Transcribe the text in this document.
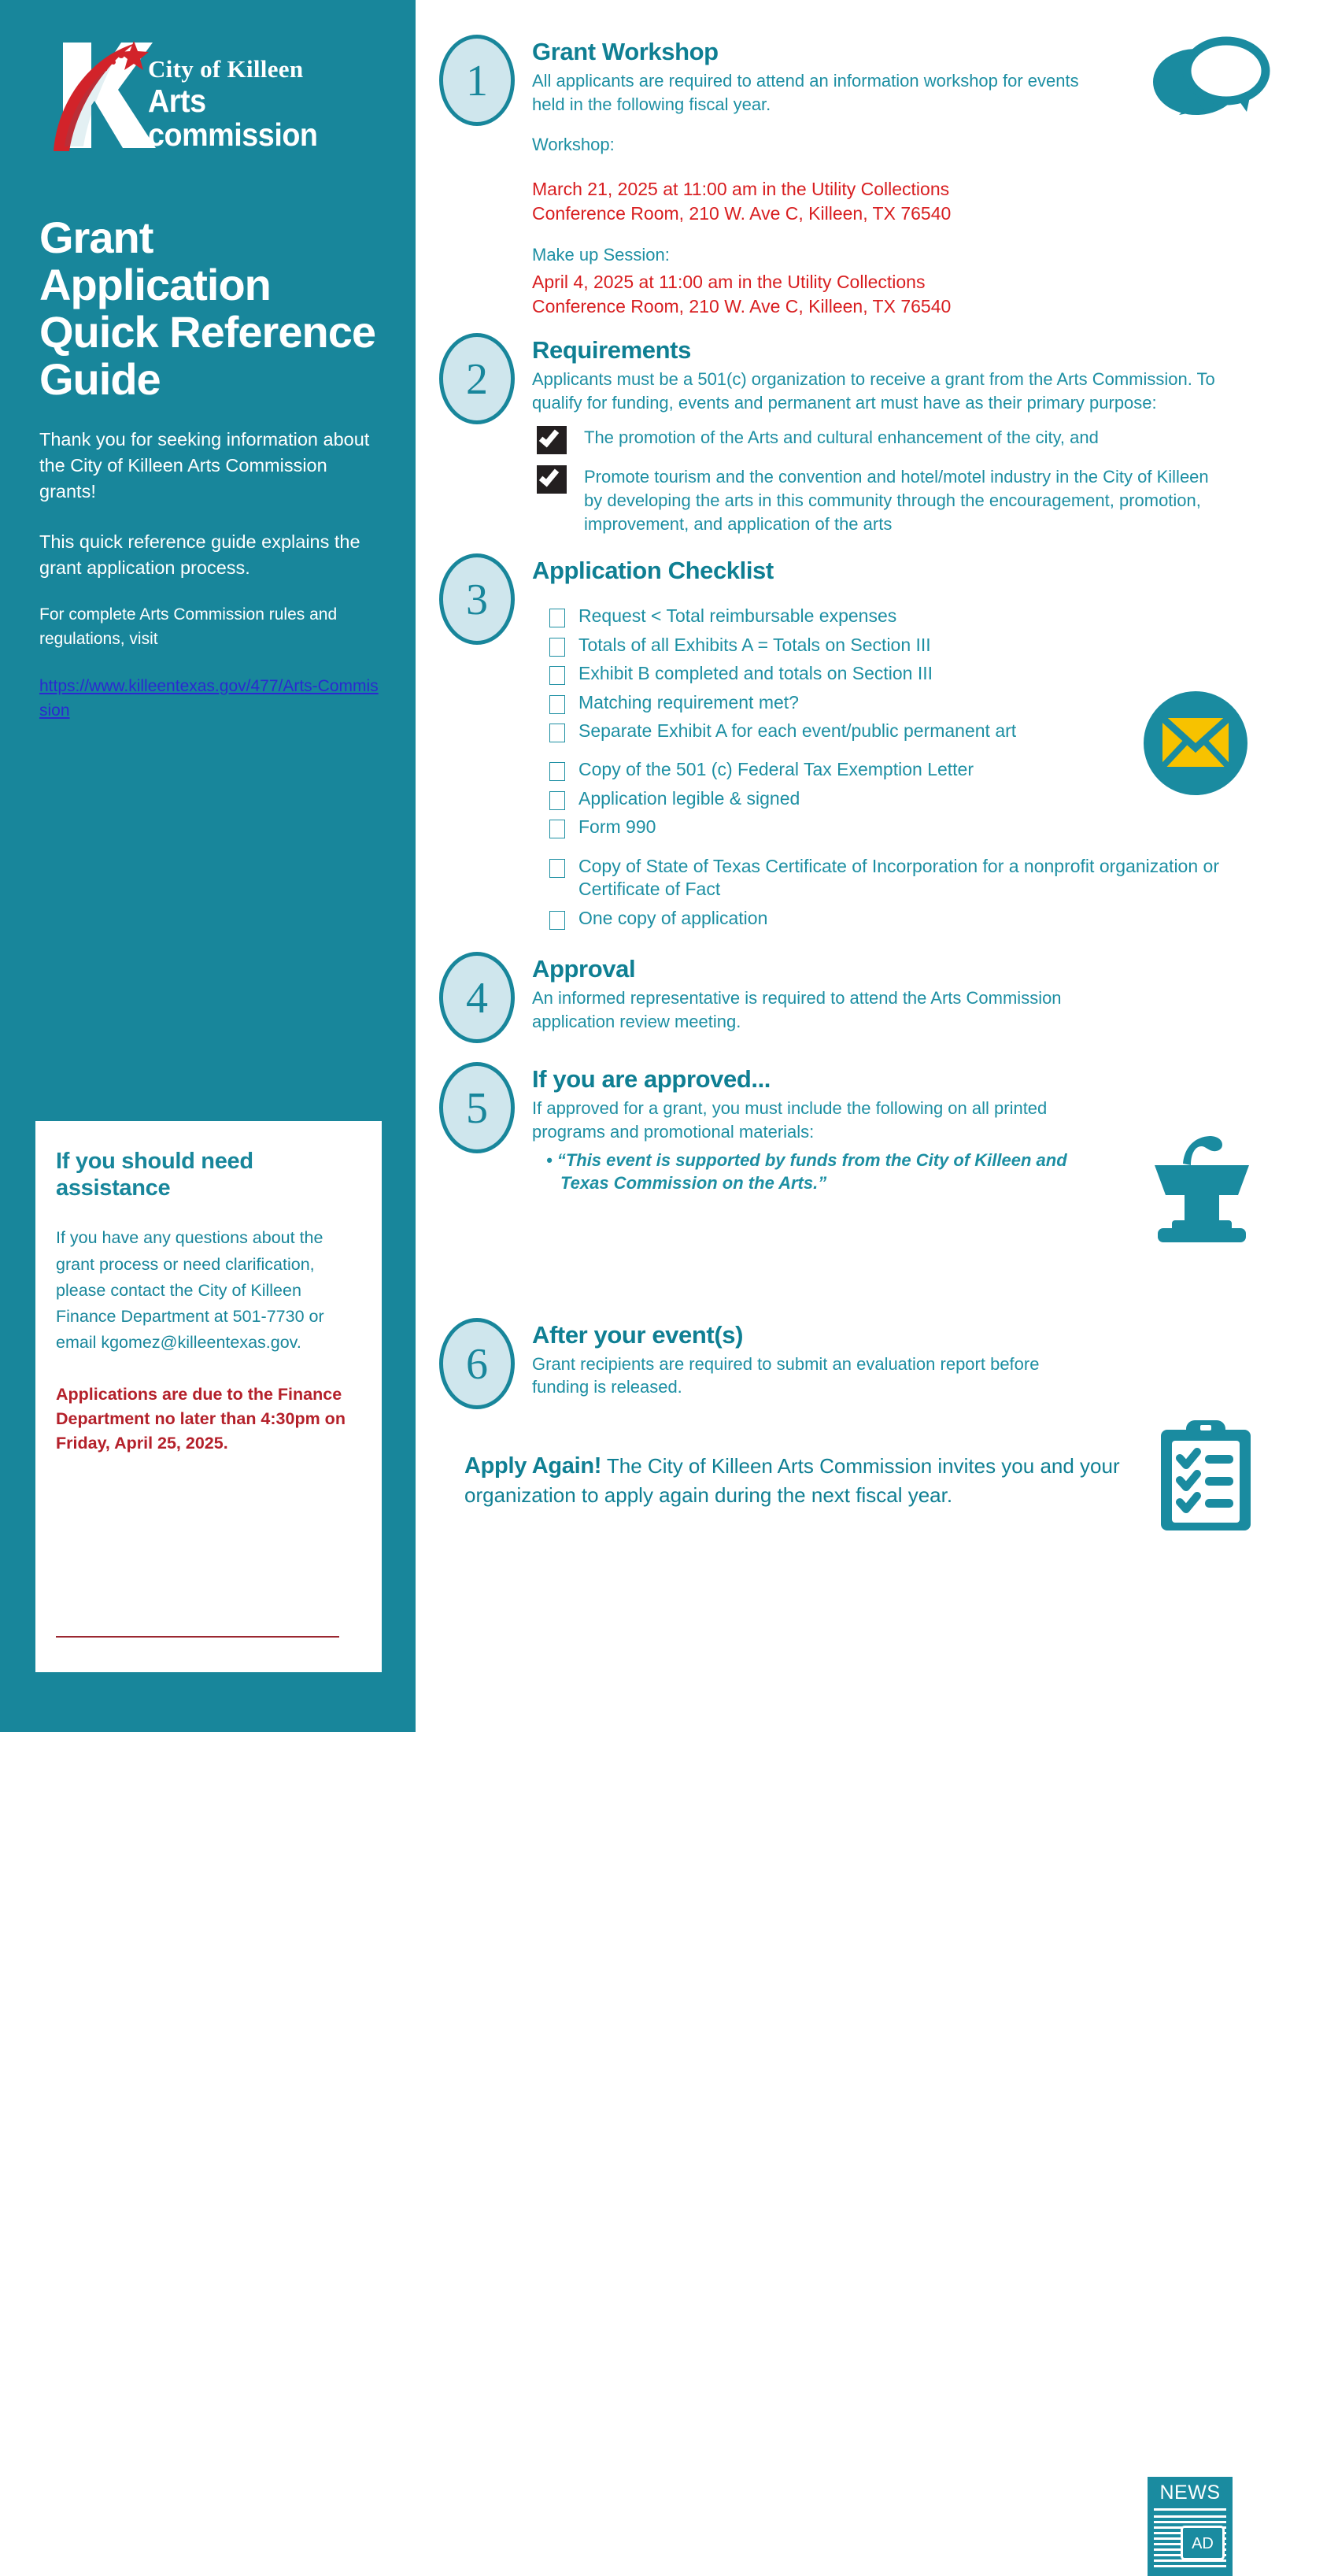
City of Killeen
Arts commission
Grant Application Quick Reference Guide
Thank you for seeking information about the City of Killeen Arts Commission grants!
This quick reference guide explains the grant application process.
For complete Arts Commission rules and regulations, visit
https://www.killeentexas.gov/477/Arts-Commission
If you should need assistance
If you have any questions about the grant process or need clarification, please contact the City of Killeen Finance Department at 501-7730 or email kgomez@killeentexas.gov.
Applications are due to the Finance Department no later than 4:30pm on Friday, April 25, 2025.
1
Grant Workshop
All applicants are required to attend an information workshop for events held in the following fiscal year.
Workshop:
March 21, 2025 at 11:00 am in the Utility Collections
Conference Room, 210 W. Ave C, Killeen, TX 76540
Make up Session:
April 4, 2025 at 11:00 am in the Utility Collections
Conference Room, 210 W. Ave C, Killeen, TX 76540
2
Requirements
Applicants must be a 501(c) organization to receive a grant from the Arts Commission. To qualify for funding, events and permanent art must have as their primary purpose:
The promotion of the Arts and cultural enhancement of the city, and
Promote tourism and the convention and hotel/motel industry in the City of Killeen by developing the arts in this community through the encouragement, promotion, improvement, and application of the arts
3
Application Checklist
Request < Total reimbursable expenses
Totals of all Exhibits A = Totals on Section III
Exhibit B completed and totals on Section III
Matching requirement met?
Separate Exhibit A for each event/public permanent art
Copy of the 501 (c) Federal Tax Exemption Letter
Application legible & signed
Form 990
Copy of State of Texas Certificate of Incorporation for a nonprofit organization or Certificate of Fact
One copy of application
4
Approval
An informed representative is required to attend the Arts Commission application review meeting.
5
If you are approved...
If approved for a grant, you must include the following on all printed programs and promotional materials:
• “This event is supported by funds from the City of Killeen and Texas Commission on the Arts.”
NEWS
AD
6
After your event(s)
Grant recipients are required to submit an evaluation report before funding is released.
Apply Again! The City of Killeen Arts Commission invites you and your organization to apply again during the next fiscal year.
